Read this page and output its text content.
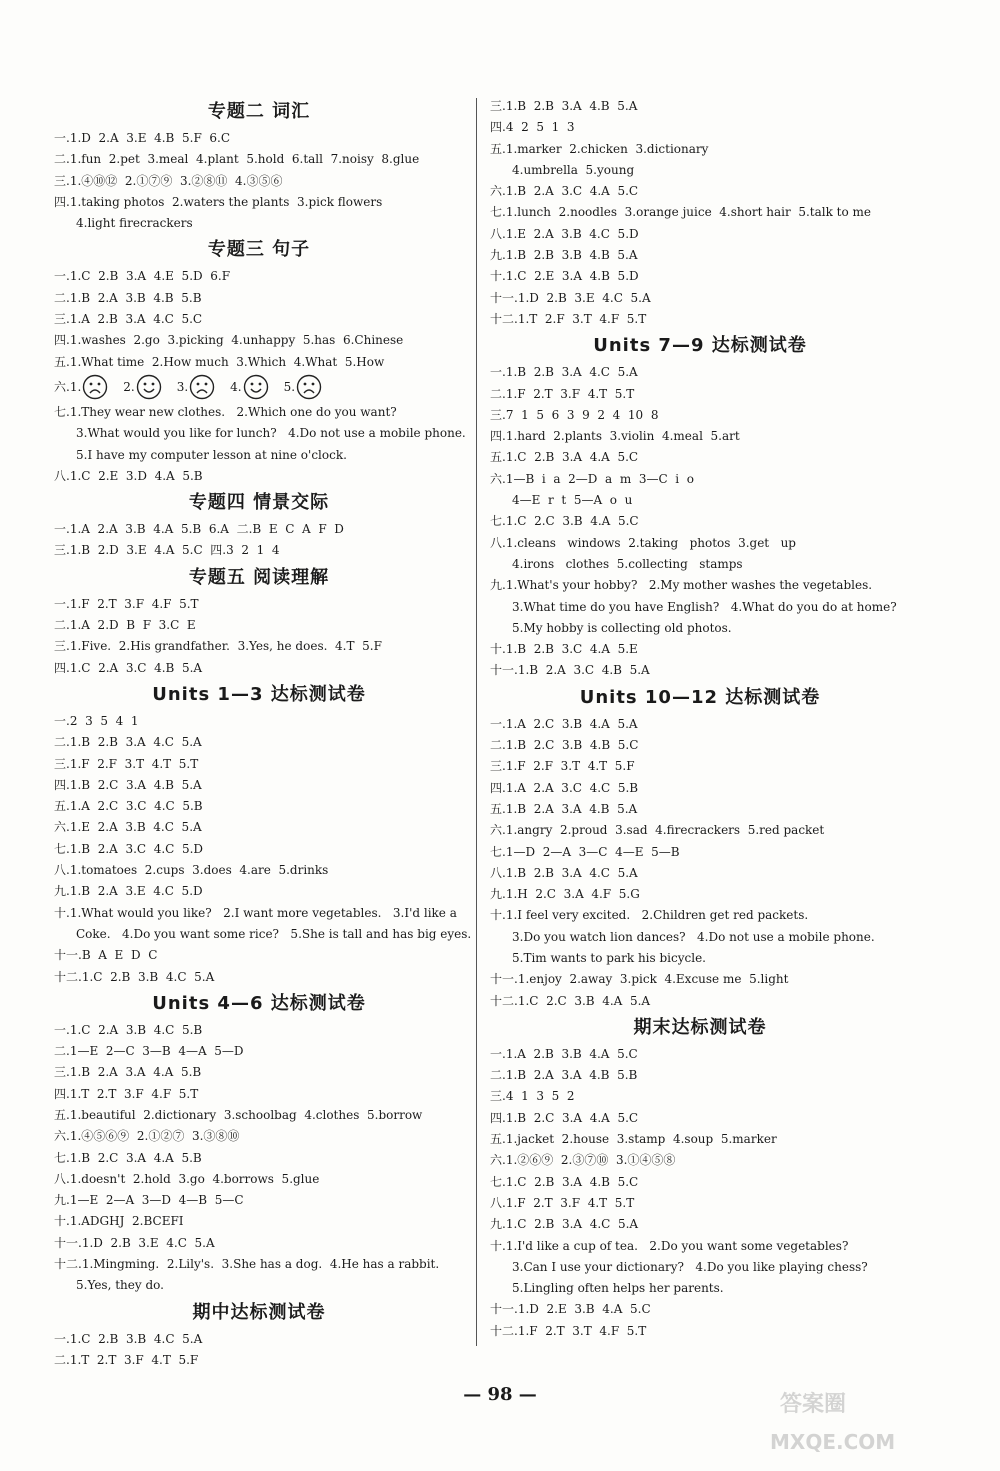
专题二 词汇
一.1.D  2.A  3.E  4.B  5.F  6.C
二.1.fun  2.pet  3.meal  4.plant  5.hold  6.tall  7.noisy  8.glue
三.1.④⑩⑫  2.①⑦⑨  3.②⑧⑪  4.③⑤⑥
四.1.taking photos  2.waters the plants  3.pick flowers
4.light firecrackers
专题三 句子
一.1.C  2.B  3.A  4.E  5.D  6.F
二.1.B  2.A  3.B  4.B  5.B
三.1.A  2.B  3.A  4.C  5.C
四.1.washes  2.go  3.picking  4.unhappy  5.has  6.Chinese
五.1.What time  2.How much  3.Which  4.What  5.How
六.1.	2.	3.	4.	5.
七.1.They wear new clothes.   2.Which one do you want?
3.What would you like for lunch?   4.Do not use a mobile phone.
5.I have my computer lesson at nine o'clock.
八.1.C  2.E  3.D  4.A  5.B
专题四 情景交际
一.1.A  2.A  3.B  4.A  5.B  6.A  二.B  E  C  A  F  D
三.1.B  2.D  3.E  4.A  5.C  四.3  2  1  4
专题五 阅读理解
一.1.F  2.T  3.F  4.F  5.T
二.1.A  2.D  B  F  3.C  E
三.1.Five.  2.His grandfather.  3.Yes, he does.  4.T  5.F
四.1.C  2.A  3.C  4.B  5.A
Units 1—3 达标测试卷
一.2  3  5  4  1
二.1.B  2.B  3.A  4.C  5.A
三.1.F  2.F  3.T  4.T  5.T
四.1.B  2.C  3.A  4.B  5.A
五.1.A  2.C  3.C  4.C  5.B
六.1.E  2.A  3.B  4.C  5.A
七.1.B  2.A  3.C  4.C  5.D
八.1.tomatoes  2.cups  3.does  4.are  5.drinks
九.1.B  2.A  3.E  4.C  5.D
十.1.What would you like?   2.I want more vegetables.   3.I'd like a
Coke.   4.Do you want some rice?   5.She is tall and has big eyes.
十一.B  A  E  D  C
十二.1.C  2.B  3.B  4.C  5.A
Units 4—6 达标测试卷
一.1.C  2.A  3.B  4.C  5.B
二.1—E  2—C  3—B  4—A  5—D
三.1.B  2.A  3.A  4.A  5.B
四.1.T  2.T  3.F  4.F  5.T
五.1.beautiful  2.dictionary  3.schoolbag  4.clothes  5.borrow
六.1.④⑤⑥⑨  2.①②⑦  3.③⑧⑩
七.1.B  2.C  3.A  4.A  5.B
八.1.doesn't  2.hold  3.go  4.borrows  5.glue
九.1—E  2—A  3—D  4—B  5—C
十.1.ADGHJ  2.BCEFI
十一.1.D  2.B  3.E  4.C  5.A
十二.1.Mingming.  2.Lily's.  3.She has a dog.  4.He has a rabbit.
5.Yes, they do.
期中达标测试卷
一.1.C  2.B  3.B  4.C  5.A
二.1.T  2.T  3.F  4.T  5.F
三.1.B  2.B  3.A  4.B  5.A
四.4  2  5  1  3
五.1.marker  2.chicken  3.dictionary
4.umbrella  5.young
六.1.B  2.A  3.C  4.A  5.C
七.1.lunch  2.noodles  3.orange juice  4.short hair  5.talk to me
八.1.E  2.A  3.B  4.C  5.D
九.1.B  2.B  3.B  4.B  5.A
十.1.C  2.E  3.A  4.B  5.D
十一.1.D  2.B  3.E  4.C  5.A
十二.1.T  2.F  3.T  4.F  5.T
Units 7—9 达标测试卷
一.1.B  2.B  3.A  4.C  5.A
二.1.F  2.T  3.F  4.T  5.T
三.7  1  5  6  3  9  2  4  10  8
四.1.hard  2.plants  3.violin  4.meal  5.art
五.1.C  2.B  3.A  4.A  5.C
六.1—B  i  a  2—D  a  m  3—C  i  o
4—E  r  t  5—A  o  u
七.1.C  2.C  3.B  4.A  5.C
八.1.cleans   windows  2.taking   photos  3.get   up
4.irons   clothes  5.collecting   stamps
九.1.What's your hobby?   2.My mother washes the vegetables.
3.What time do you have English?   4.What do you do at home?
5.My hobby is collecting old photos.
十.1.B  2.B  3.C  4.A  5.E
十一.1.B  2.A  3.C  4.B  5.A
Units 10—12 达标测试卷
一.1.A  2.C  3.B  4.A  5.A
二.1.B  2.C  3.B  4.B  5.C
三.1.F  2.F  3.T  4.T  5.F
四.1.A  2.A  3.C  4.C  5.B
五.1.B  2.A  3.A  4.B  5.A
六.1.angry  2.proud  3.sad  4.firecrackers  5.red packet
七.1—D  2—A  3—C  4—E  5—B
八.1.B  2.B  3.A  4.C  5.A
九.1.H  2.C  3.A  4.F  5.G
十.1.I feel very excited.   2.Children get red packets.
3.Do you watch lion dances?   4.Do not use a mobile phone.
5.Tim wants to park his bicycle.
十一.1.enjoy  2.away  3.pick  4.Excuse me  5.light
十二.1.C  2.C  3.B  4.A  5.A
期末达标测试卷
一.1.A  2.B  3.B  4.A  5.C
二.1.B  2.A  3.A  4.B  5.B
三.4  1  3  5  2
四.1.B  2.C  3.A  4.A  5.C
五.1.jacket  2.house  3.stamp  4.soup  5.marker
六.1.②⑥⑨  2.③⑦⑩  3.①④⑤⑧
七.1.C  2.B  3.A  4.B  5.C
八.1.F  2.T  3.F  4.T  5.T
九.1.C  2.B  3.A  4.C  5.A
十.1.I'd like a cup of tea.   2.Do you want some vegetables?
3.Can I use your dictionary?   4.Do you like playing chess?
5.Lingling often helps her parents.
十一.1.D  2.E  3.B  4.A  5.C
十二.1.F  2.T  3.T  4.F  5.T
— 98 —	答案圈
MXQE.COM
